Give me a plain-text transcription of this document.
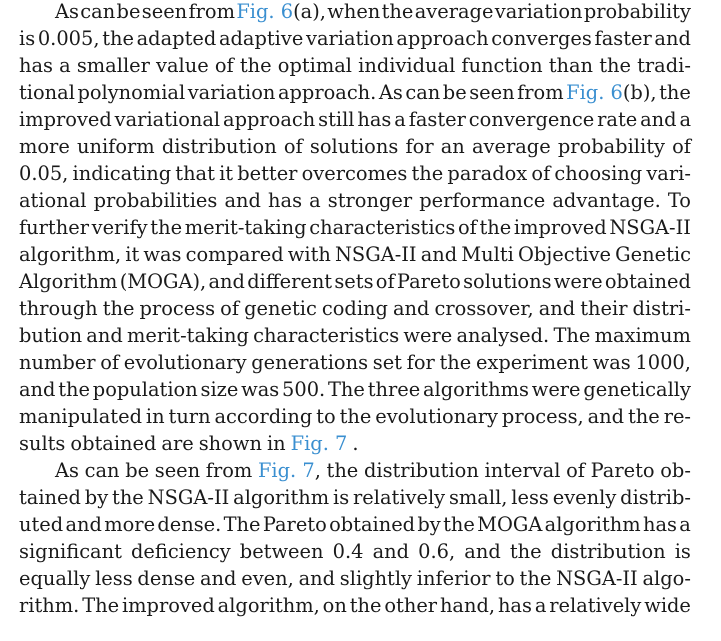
As can be seen from Fig. 6(a), when the average variation probability
is 0.005, the adapted adaptive variation approach converges faster and
has a smaller value of the optimal individual function than the tradi-
tional polynomial variation approach. As can be seen from Fig. 6(b), the
improved variational approach still has a faster convergence rate and a
more uniform distribution of solutions for an average probability of
0.05, indicating that it better overcomes the paradox of choosing vari-
ational probabilities and has a stronger performance advantage. To
further verify the merit-taking characteristics of the improved NSGA-II
algorithm, it was compared with NSGA-II and Multi Objective Genetic
Algorithm (MOGA), and different sets of Pareto solutions were obtained
through the process of genetic coding and crossover, and their distri-
bution and merit-taking characteristics were analysed. The maximum
number of evolutionary generations set for the experiment was 1000,
and the population size was 500. The three algorithms were genetically
manipulated in turn according to the evolutionary process, and the re-
sults obtained are shown in Fig. 7 .
As can be seen from Fig. 7, the distribution interval of Pareto ob-
tained by the NSGA-II algorithm is relatively small, less evenly distrib-
uted and more dense. The Pareto obtained by the MOGA algorithm has a
significant deficiency between 0.4 and 0.6, and the distribution is
equally less dense and even, and slightly inferior to the NSGA-II algo-
rithm. The improved algorithm, on the other hand, has a relatively wide
